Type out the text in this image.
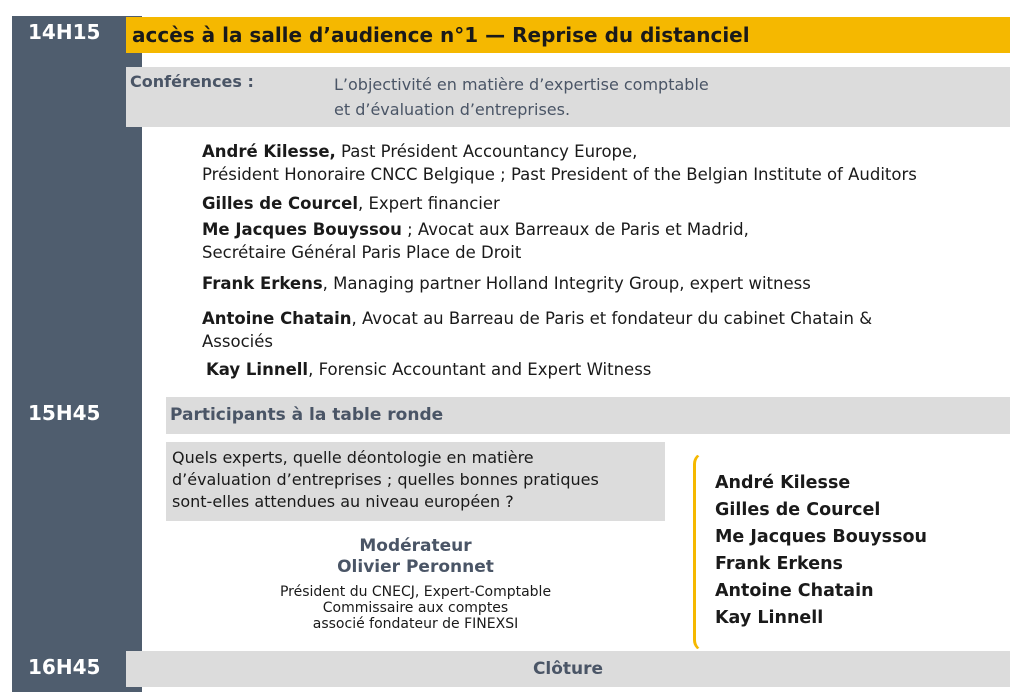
14H15
15H45
16H45
accès à la salle d’audience n°1 — Reprise du distanciel
Conférences :	L’objectivité en matière d’expertise comptable
et d’évaluation d’entreprises.
André Kilesse, Past Président Accountancy Europe,
Président Honoraire CNCC Belgique ; Past President of the Belgian Institute of Auditors
Gilles de Courcel, Expert financier
Me Jacques Bouyssou ; Avocat aux Barreaux de Paris et Madrid,
Secrétaire Général Paris Place de Droit
Frank Erkens, Managing partner Holland Integrity Group, expert witness
Antoine Chatain, Avocat au Barreau de Paris et fondateur du cabinet Chatain &
Associés
Kay Linnell, Forensic Accountant and Expert Witness
Participants à la table ronde
Quels experts, quelle déontologie en matière
d’évaluation d’entreprises ; quelles bonnes pratiques
sont-elles attendues au niveau européen ?
Modérateur
Olivier Peronnet
Président du CNECJ, Expert-Comptable
Commissaire aux comptes
associé fondateur de FINEXSI
André Kilesse
Gilles de Courcel
Me Jacques Bouyssou
Frank Erkens
Antoine Chatain
Kay Linnell
Clôture
